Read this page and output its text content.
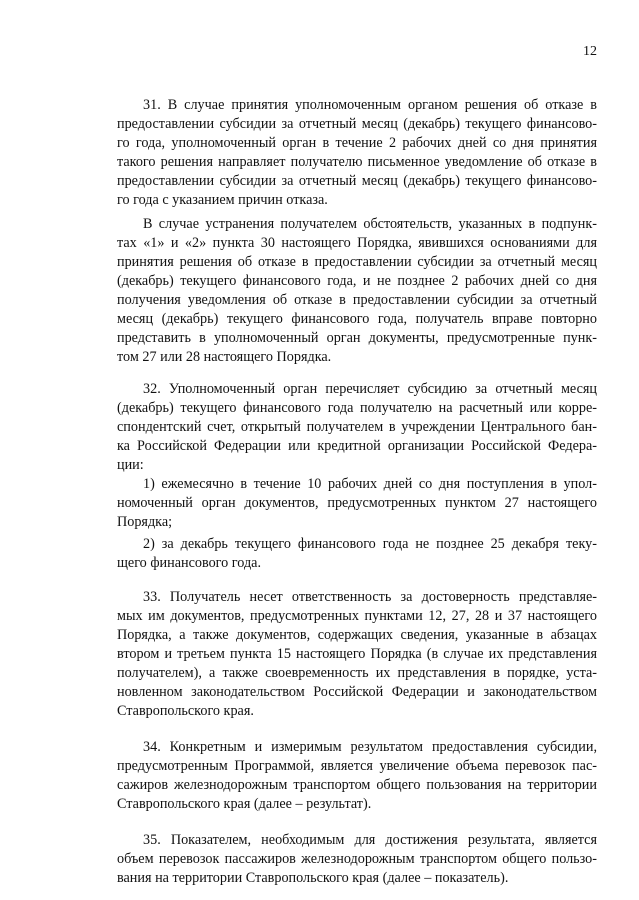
12
31. В случае принятия уполномоченным органом решения об отказе в
предоставлении субсидии за отчетный месяц (декабрь) текущего финансово-
го года, уполномоченный орган в течение 2 рабочих дней со дня принятия
такого решения направляет получателю письменное уведомление об отказе в
предоставлении субсидии за отчетный месяц (декабрь) текущего финансово-
го года с указанием причин отказа.
В случае устранения получателем обстоятельств, указанных в подпунк-
тах «1» и «2» пункта 30 настоящего Порядка, явившихся основаниями для
принятия решения об отказе в предоставлении субсидии за отчетный месяц
(декабрь) текущего финансового года, и не позднее 2 рабочих дней со дня
получения уведомления об отказе в предоставлении субсидии за отчетный
месяц (декабрь) текущего финансового года, получатель вправе повторно
представить в уполномоченный орган документы, предусмотренные пунк-
том 27 или 28 настоящего Порядка.
32. Уполномоченный орган перечисляет субсидию за отчетный месяц
(декабрь) текущего финансового года получателю на расчетный или корре-
спондентский счет, открытый получателем в учреждении Центрального бан-
ка Российской Федерации или кредитной организации Российской Федера-
ции:
1) ежемесячно в течение 10 рабочих дней со дня поступления в упол-
номоченный орган документов, предусмотренных пунктом 27 настоящего
Порядка;
2) за декабрь текущего финансового года не позднее 25 декабря теку-
щего финансового года.
33. Получатель несет ответственность за достоверность представляе-
мых им документов, предусмотренных пунктами 12, 27, 28 и 37 настоящего
Порядка, а также документов, содержащих сведения, указанные в абзацах
втором и третьем пункта 15 настоящего Порядка (в случае их представления
получателем), а также своевременность их представления в порядке, уста-
новленном законодательством Российской Федерации и законодательством
Ставропольского края.
34. Конкретным и измеримым результатом предоставления субсидии,
предусмотренным Программой, является увеличение объема перевозок пас-
сажиров железнодорожным транспортом общего пользования на территории
Ставропольского края (далее – результат).
35. Показателем, необходимым для достижения результата, является
объем перевозок пассажиров железнодорожным транспортом общего пользо-
вания на территории Ставропольского края (далее – показатель).
